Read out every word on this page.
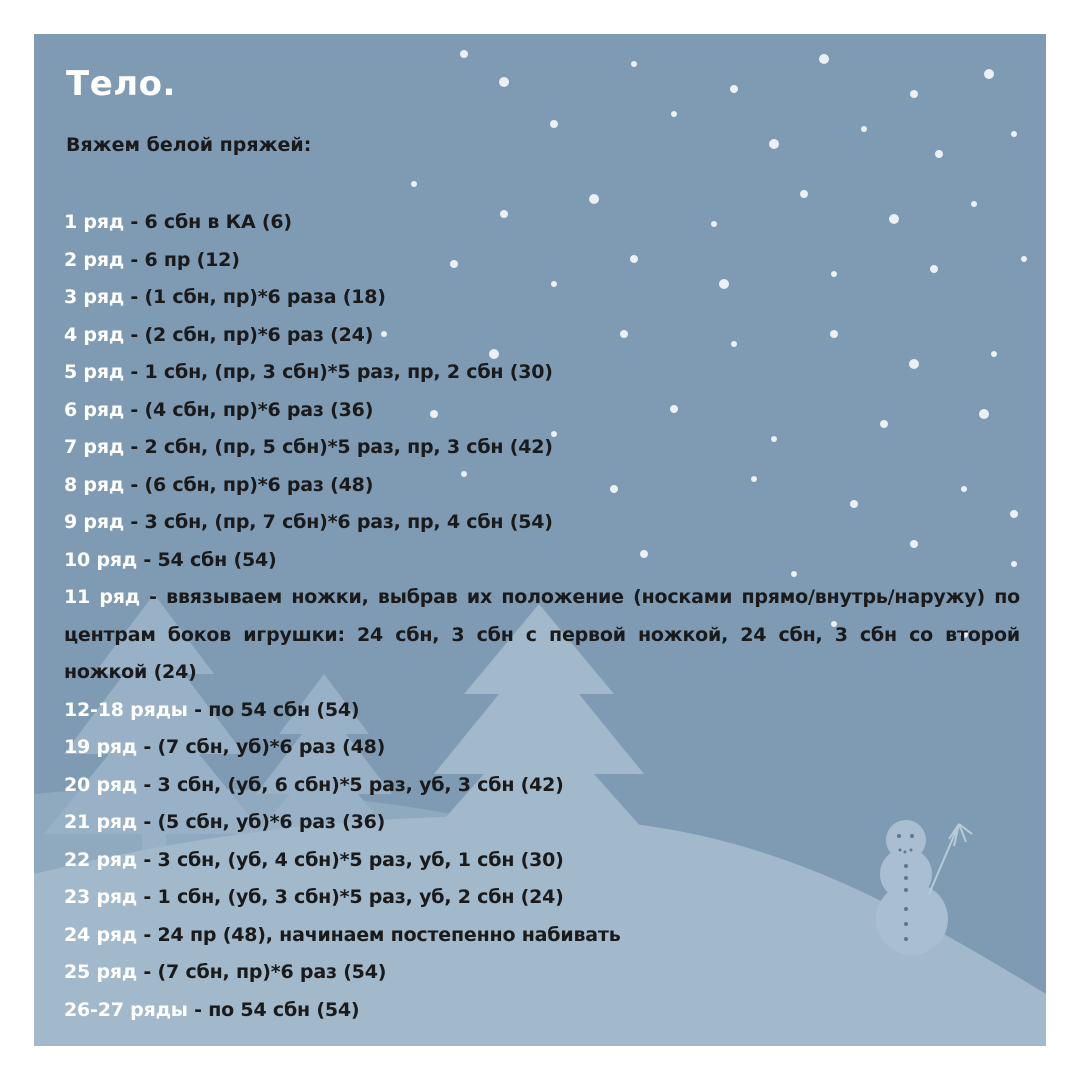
Тело.
Вяжем белой пряжей:
1 ряд - 6 сбн в КА (6)
2 ряд - 6 пр (12)
3 ряд - (1 сбн, пр)*6 раза (18)
4 ряд - (2 сбн, пр)*6 раз (24)
5 ряд - 1 сбн, (пр, 3 сбн)*5 раз, пр, 2 сбн (30)
6 ряд - (4 сбн, пр)*6 раз (36)
7 ряд - 2 сбн, (пр, 5 сбн)*5 раз, пр, 3 сбн (42)
8 ряд - (6 сбн, пр)*6 раз (48)
9 ряд - 3 сбн, (пр, 7 сбн)*6 раз, пр, 4 сбн (54)
10 ряд - 54 сбн (54)
11 ряд - ввязываем ножки, выбрав их положение (носками прямо/внутрь/наружу) по центрам боков игрушки: 24 сбн, 3 сбн с первой ножкой, 24 сбн, 3 сбн со второй ножкой (24)
12-18 ряды - по 54 сбн (54)
19 ряд - (7 сбн, уб)*6 раз (48)
20 ряд - 3 сбн, (уб, 6 сбн)*5 раз, уб, 3 сбн (42)
21 ряд - (5 сбн, уб)*6 раз (36)
22 ряд - 3 сбн, (уб, 4 сбн)*5 раз, уб, 1 сбн (30)
23 ряд - 1 сбн, (уб, 3 сбн)*5 раз, уб, 2 сбн (24)
24 ряд - 24 пр (48), начинаем постепенно набивать
25 ряд - (7 сбн, пр)*6 раз (54)
26-27 ряды - по 54 сбн (54)
